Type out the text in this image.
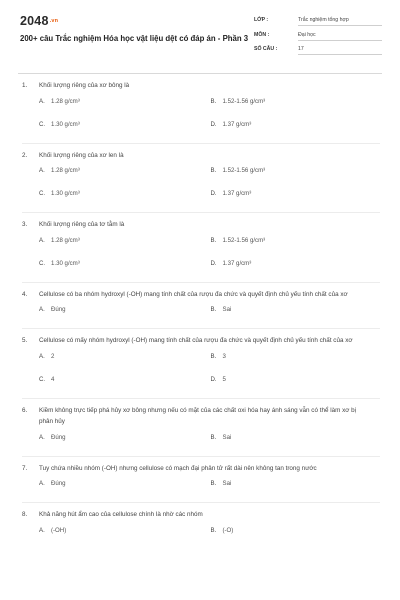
$2048^{.vn}$
200+ câu Trắc nghiệm Hóa học vật liệu dệt có đáp án - Phần 3
LỚP :	Trắc nghiệm tổng hợp
MÔN :	Đại học
SỐ CÂU :	17
1.	Khối lượng riêng của xơ bông là
A.	1.28 g/cm³	B.	1.52-1.56 g/cm³
C. 1.30 g/cm³	D. 1.37 g/cm³
2.	Khối lượng riêng của xơ len là
A.	1.28 g/cm³	B.	1.52-1.56 g/cm³
C. 1.30 g/cm³	D. 1.37 g/cm³
3.	Khối lượng riêng của tơ tằm là
A.	1.28 g/cm³	B.	1.52-1.56 g/cm³
C. 1.30 g/cm³	D. 1.37 g/cm³
4.	Cellulose có ba nhóm hydroxyl (-OH) mang tính chất của rượu đa chức và quyết định chủ yếu tính chất của xơ
A.	Đúng	B.	Sai
5.	Cellulose có mấy nhóm hydroxyl (-OH) mang tính chất của rượu đa chức và quyết định chủ yếu tính chất của xơ
A.	2	B.	3
C. 4	D. 5
6.	Kiềm không trực tiếp phá hủy xơ bông nhưng nếu có mặt của các chất oxi hóa hay ánh sáng vẫn có thể làm xơ bị phân hủy
A.	Đúng	B.	Sai
7.	Tuy chứa nhiều nhóm (-OH) nhưng cellulose có mạch đại phân tử rất dài nên không tan trong nước
A.	Đúng	B.	Sai
8.	Khả năng hút ẩm cao của cellulose chính là nhờ các nhóm
A.	(-OH)	B.	(-O)
